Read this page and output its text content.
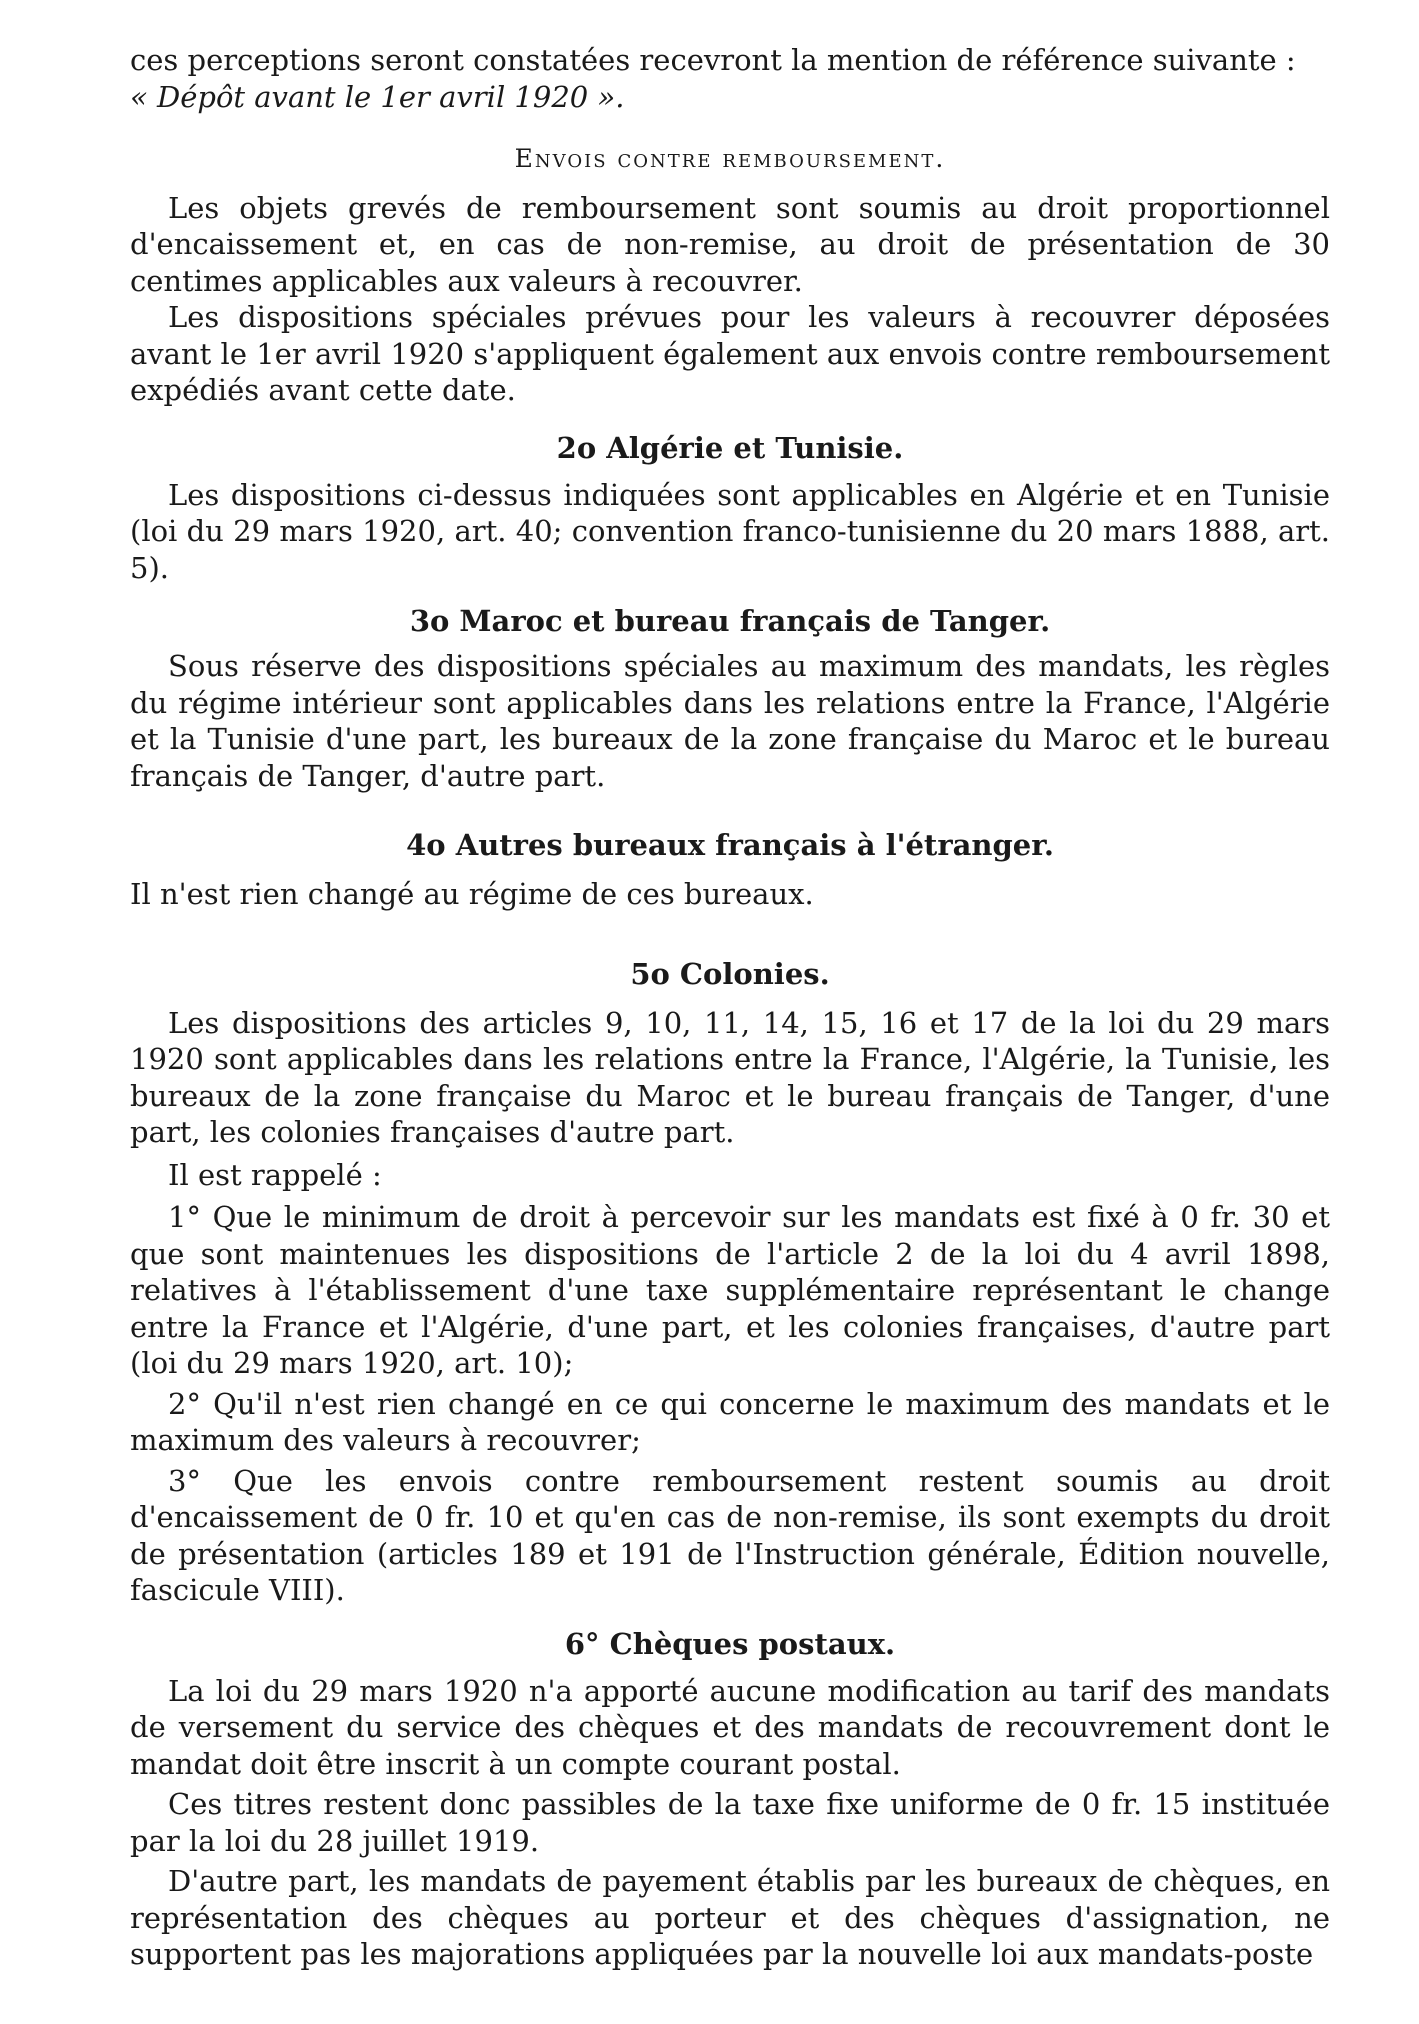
ces perceptions seront constatées recevront la mention de référence suivante :

« Dépôt avant le 1er avril 1920 ».

Envois contre remboursement.

Les objets grevés de remboursement sont soumis au droit proportionnel d'encaissement et, en cas de non-remise, au droit de présentation de 30 centimes applicables aux valeurs à recouvrer.

Les dispositions spéciales prévues pour les valeurs à recouvrer déposées avant le 1er avril 1920 s'appliquent également aux envois contre remboursement expédiés avant cette date.

2o Algérie et Tunisie.

Les dispositions ci-dessus indiquées sont applicables en Algérie et en Tunisie (loi du 29 mars 1920, art. 40; convention franco-tunisienne du 20 mars 1888, art. 5).

3o Maroc et bureau français de Tanger.

Sous réserve des dispositions spéciales au maximum des mandats, les règles du régime intérieur sont applicables dans les relations entre la France, l'Algérie et la Tunisie d'une part, les bureaux de la zone française du Maroc et le bureau français de Tanger, d'autre part.

4o Autres bureaux français à l'étranger.

Il n'est rien changé au régime de ces bureaux.

5o Colonies.

Les dispositions des articles 9, 10, 11, 14, 15, 16 et 17 de la loi du 29 mars 1920 sont applicables dans les relations entre la France, l'Algérie, la Tunisie, les bureaux de la zone française du Maroc et le bureau français de Tanger, d'une part, les colonies françaises d'autre part.

Il est rappelé :

1° Que le minimum de droit à percevoir sur les mandats est fixé à 0 fr. 30 et que sont maintenues les dispositions de l'article 2 de la loi du 4 avril 1898, relatives à l'établissement d'une taxe supplémentaire représentant le change entre la France et l'Algérie, d'une part, et les colonies françaises, d'autre part (loi du 29 mars 1920, art. 10);

2° Qu'il n'est rien changé en ce qui concerne le maximum des mandats et le maximum des valeurs à recouvrer;

3° Que les envois contre remboursement restent soumis au droit d'encaissement de 0 fr. 10 et qu'en cas de non-remise, ils sont exempts du droit de présentation (articles 189 et 191 de l'Instruction générale, Édition nouvelle, fascicule VIII).

6° Chèques postaux.

La loi du 29 mars 1920 n'a apporté aucune modification au tarif des mandats de versement du service des chèques et des mandats de recouvrement dont le mandat doit être inscrit à un compte courant postal.

Ces titres restent donc passibles de la taxe fixe uniforme de 0 fr. 15 instituée par la loi du 28 juillet 1919.

D'autre part, les mandats de payement établis par les bureaux de chèques, en représentation des chèques au porteur et des chèques d'assignation, ne supportent pas les majorations appliquées par la nouvelle loi aux mandats-poste
